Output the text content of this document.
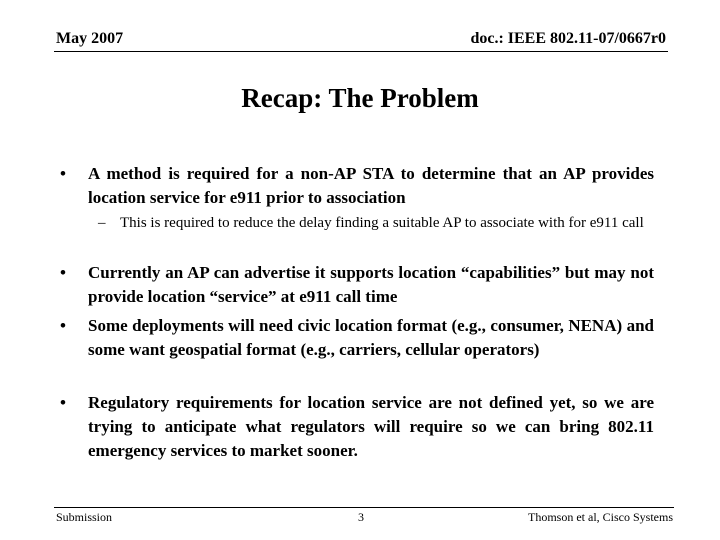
May 2007	doc.: IEEE 802.11-07/0667r0
Recap: The Problem
•	A method is required for a non-AP STA to determine that an AP provides location service for e911 prior to association
– This is required to reduce the delay finding a suitable AP to associate with for e911 call
•	Currently an AP can advertise it supports location “capabilities” but may not provide location “service” at e911 call time
•	Some deployments will need civic location format (e.g., consumer, NENA) and some want geospatial format (e.g., carriers, cellular operators)
•	Regulatory requirements for location service are not defined yet, so we are trying to anticipate what regulators will require so we can bring 802.11 emergency services to market sooner.
Submission	3	Thomson et al, Cisco Systems
